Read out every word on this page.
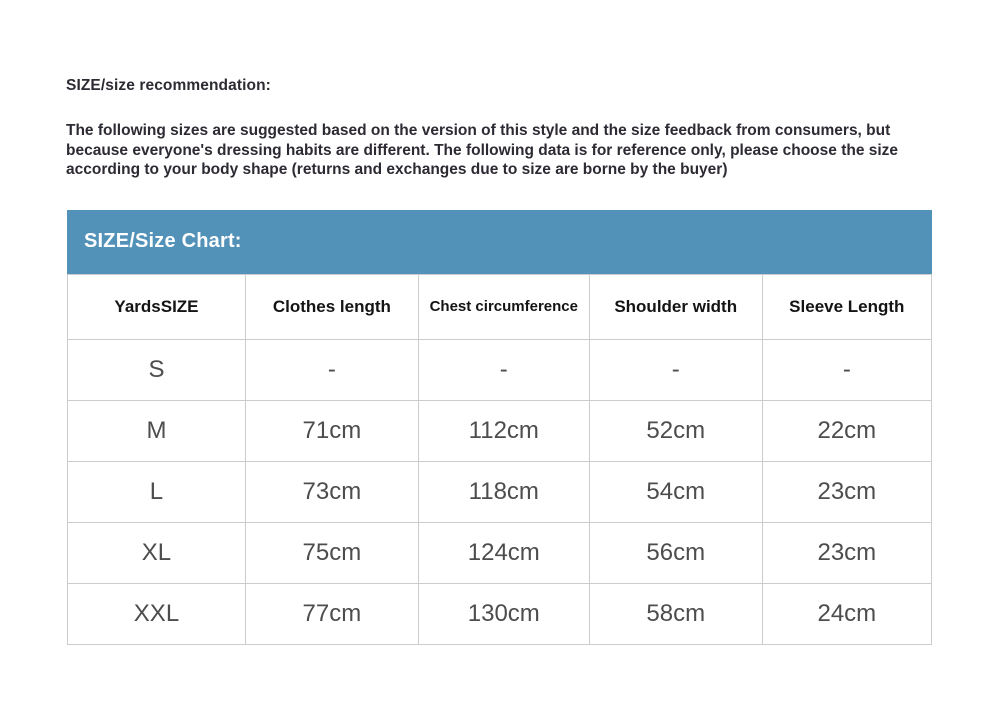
SIZE/size recommendation:
The following sizes are suggested based on the version of this style and the size feedback from consumers, but because everyone's dressing habits are different. The following data is for reference only, please choose the size according to your body shape (returns and exchanges due to size are borne by the buyer)
SIZE/Size Chart:
YardsSIZE	Clothes length	Chest circumference	Shoulder width	Sleeve Length
S	-	-	-	-
M	71cm	112cm	52cm	22cm
L	73cm	118cm	54cm	23cm
XL	75cm	124cm	56cm	23cm
XXL	77cm	130cm	58cm	24cm
